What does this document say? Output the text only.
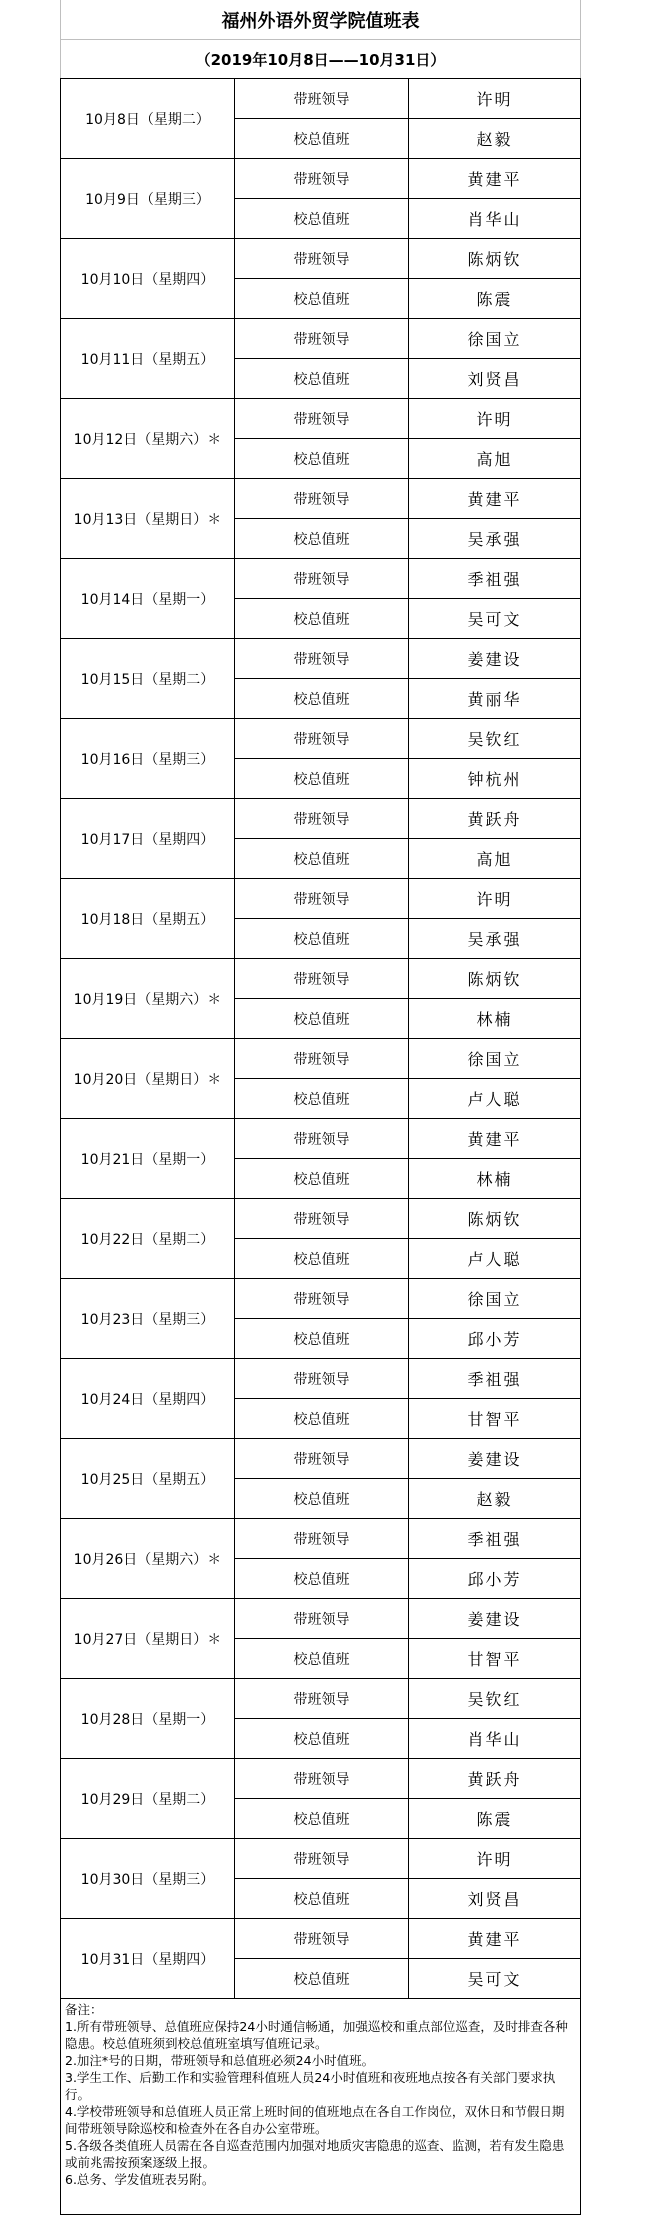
福州外语外贸学院值班表
（2019年10月8日——10月31日）
10月8日（星期二）	带班领导	许明
	校总值班	赵毅
10月9日（星期三）	带班领导	黄建平
	校总值班	肖华山
10月10日（星期四）	带班领导	陈炳钦
	校总值班	陈震
10月11日（星期五）	带班领导	徐国立
	校总值班	刘贤昌
10月12日（星期六）＊	带班领导	许明
	校总值班	高旭
10月13日（星期日）＊	带班领导	黄建平
	校总值班	吴承强
10月14日（星期一）	带班领导	季祖强
	校总值班	吴可文
10月15日（星期二）	带班领导	姜建设
	校总值班	黄丽华
10月16日（星期三）	带班领导	吴钦红
	校总值班	钟杭州
10月17日（星期四）	带班领导	黄跃舟
	校总值班	高旭
10月18日（星期五）	带班领导	许明
	校总值班	吴承强
10月19日（星期六）＊	带班领导	陈炳钦
	校总值班	林楠
10月20日（星期日）＊	带班领导	徐国立
	校总值班	卢人聪
10月21日（星期一）	带班领导	黄建平
	校总值班	林楠
10月22日（星期二）	带班领导	陈炳钦
	校总值班	卢人聪
10月23日（星期三）	带班领导	徐国立
	校总值班	邱小芳
10月24日（星期四）	带班领导	季祖强
	校总值班	甘智平
10月25日（星期五）	带班领导	姜建设
	校总值班	赵毅
10月26日（星期六）＊	带班领导	季祖强
	校总值班	邱小芳
10月27日（星期日）＊	带班领导	姜建设
	校总值班	甘智平
10月28日（星期一）	带班领导	吴钦红
	校总值班	肖华山
10月29日（星期二）	带班领导	黄跃舟
	校总值班	陈震
10月30日（星期三）	带班领导	许明
	校总值班	刘贤昌
10月31日（星期四）	带班领导	黄建平
	校总值班	吴可文
备注：
1.所有带班领导、总值班应保持24小时通信畅通，加强巡校和重点部位巡查，及时排查各种隐患。校总值班须到校总值班室填写值班记录。
2.加注*号的日期，带班领导和总值班必须24小时值班。
3.学生工作、后勤工作和实验管理科值班人员24小时值班和夜班地点按各有关部门要求执行。
4.学校带班领导和总值班人员正常上班时间的值班地点在各自工作岗位，双休日和节假日期间带班领导除巡校和检查外在各自办公室带班。
5.各级各类值班人员需在各自巡查范围内加强对地质灾害隐患的巡查、监测，若有发生隐患或前兆需按预案逐级上报。
6.总务、学发值班表另附。
